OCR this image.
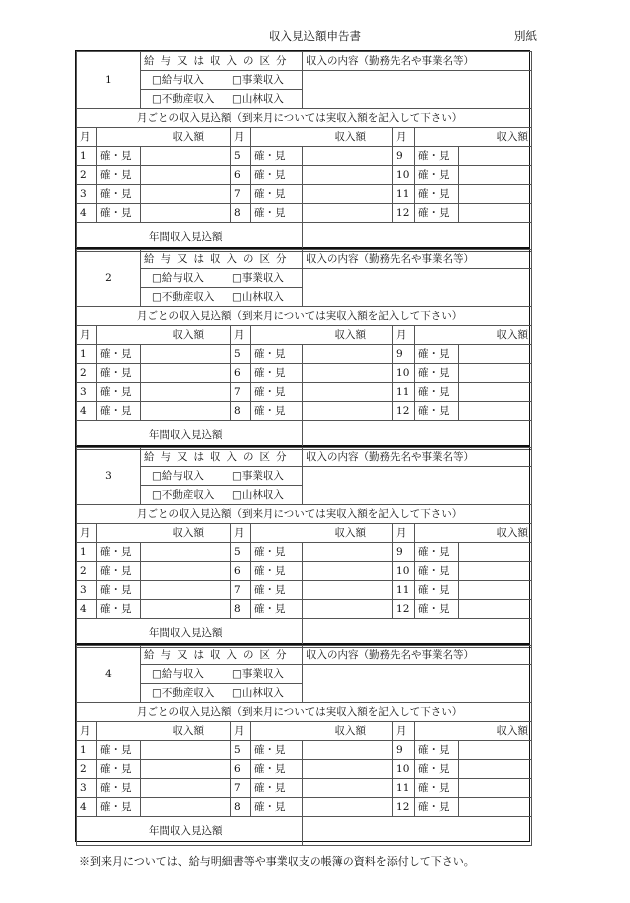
収入見込額申告書	別紙
1		給与又は収入の区分			収入の内容（勤務先名や事業名等）			
		□給与収入 □事業収入						
		□不動産収入 □山林収入						
月ごとの収入見込額（到来月については実収入額を記入して下さい）								
月	収入額		月	収入額		月	収入額	
1	確・見		5	確・見		9	確・見	
2	確・見		6	確・見		10	確・見	
3	確・見		7	確・見		11	確・見	
4	確・見		8	確・見		12	確・見	
年間収入見込額								
2		給与又は収入の区分			収入の内容（勤務先名や事業名等）			
		□給与収入 □事業収入						
		□不動産収入 □山林収入						
月ごとの収入見込額（到来月については実収入額を記入して下さい）								
月	収入額		月	収入額		月	収入額	
1	確・見		5	確・見		9	確・見	
2	確・見		6	確・見		10	確・見	
3	確・見		7	確・見		11	確・見	
4	確・見		8	確・見		12	確・見	
年間収入見込額								
3		給与又は収入の区分			収入の内容（勤務先名や事業名等）			
		□給与収入 □事業収入						
		□不動産収入 □山林収入						
月ごとの収入見込額（到来月については実収入額を記入して下さい）								
月	収入額		月	収入額		月	収入額	
1	確・見		5	確・見		9	確・見	
2	確・見		6	確・見		10	確・見	
3	確・見		7	確・見		11	確・見	
4	確・見		8	確・見		12	確・見	
年間収入見込額								
4		給与又は収入の区分			収入の内容（勤務先名や事業名等）			
		□給与収入 □事業収入						
		□不動産収入 □山林収入						
月ごとの収入見込額（到来月については実収入額を記入して下さい）								
月	収入額		月	収入額		月	収入額	
1	確・見		5	確・見		9	確・見	
2	確・見		6	確・見		10	確・見	
3	確・見		7	確・見		11	確・見	
4	確・見		8	確・見		12	確・見	
年間収入見込額								
※到来月については、給与明細書等や事業収支の帳簿の資料を添付して下さい。
